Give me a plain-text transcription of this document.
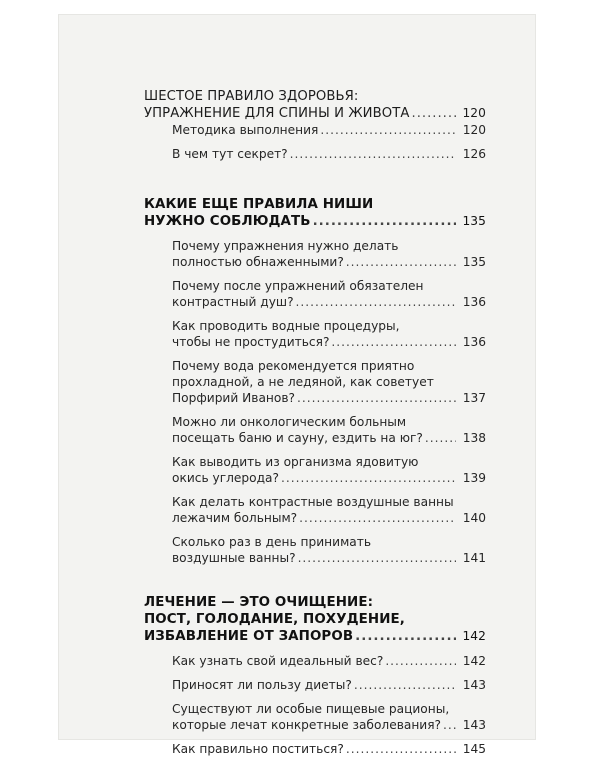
ШЕСТОЕ ПРАВИЛО ЗДОРОВЬЯ:
УПРАЖНЕНИЕ ДЛЯ СПИНЫ И ЖИВОТА .....	120
Методика выполнения .....	120
В чем тут секрет? .....	126
КАКИЕ ЕЩЕ ПРАВИЛА НИШИ
НУЖНО СОБЛЮДАТЬ .....	135
Почему упражнения нужно делать
полностью обнаженными? .....	135
Почему после упражнений обязателен
контрастный душ? .....	136
Как проводить водные процедуры,
чтобы не простудиться? .....	136
Почему вода рекомендуется приятно
прохладной, а не ледяной, как советует
Порфирий Иванов? .....	137
Можно ли онкологическим больным
посещать баню и сауну, ездить на юг? .....	138
Как выводить из организма ядовитую
окись углерода? .....	139
Как делать контрастные воздушные ванны
лежачим больным? .....	140
Сколько раз в день принимать
воздушные ванны? .....	141
ЛЕЧЕНИЕ — ЭТО ОЧИЩЕНИЕ:
ПОСТ, ГОЛОДАНИЕ, ПОХУДЕНИЕ,
ИЗБАВЛЕНИЕ ОТ ЗАПОРОВ .....	142
Как узнать свой идеальный вес? .....	142
Приносят ли пользу диеты? .....	143
Существуют ли особые пищевые рационы,
которые лечат конкретные заболевания? .....	143
Как правильно поститься? .....	145
